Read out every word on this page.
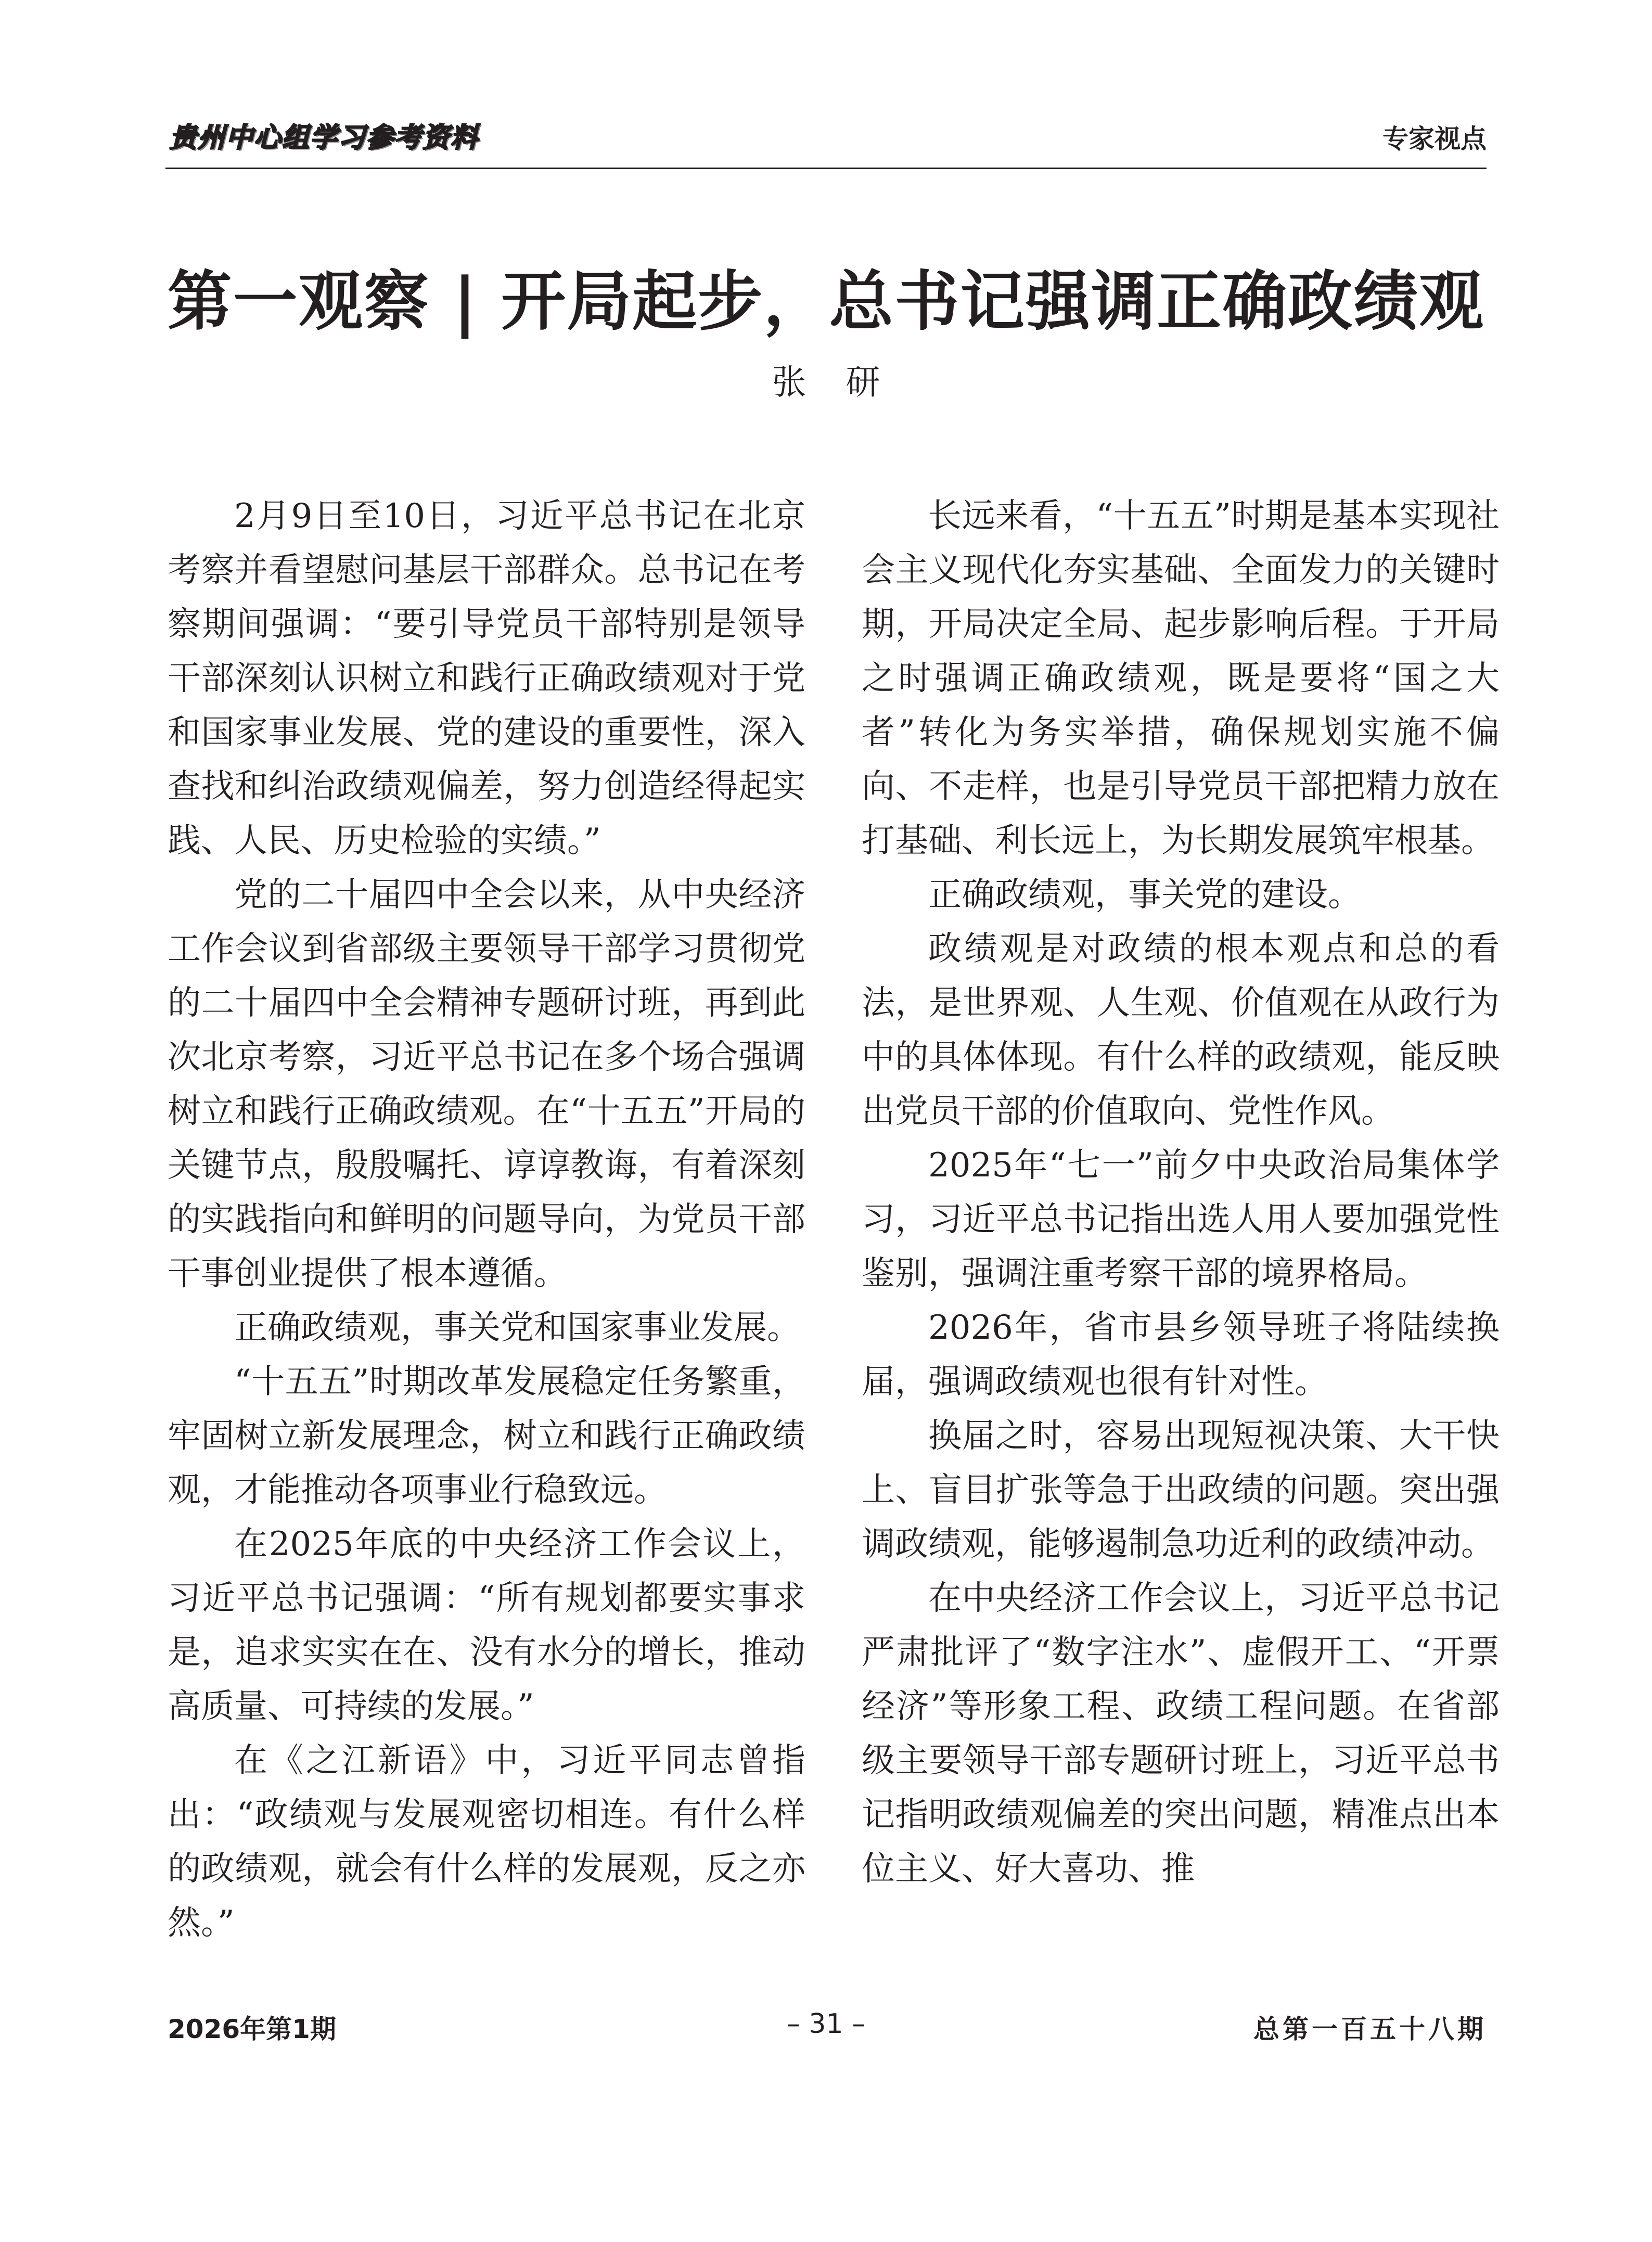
贵州中心组学习参考资料	专家视点
第一观察 | 开局起步，总书记强调正确政绩观
张研

2月9日至10日，习近平总书记在北京考察并看望慰问基层干部群众。总书记在考察期间强调：“要引导党员干部特别是领导干部深刻认识树立和践行正确政绩观对于党和国家事业发展、党的建设的重要性，深入查找和纠治政绩观偏差，努力创造经得起实践、人民、历史检验的实绩。”

党的二十届四中全会以来，从中央经济工作会议到省部级主要领导干部学习贯彻党的二十届四中全会精神专题研讨班，再到此次北京考察，习近平总书记在多个场合强调树立和践行正确政绩观。在“十五五”开局的关键节点，殷殷嘱托、谆谆教诲，有着深刻的实践指向和鲜明的问题导向，为党员干部干事创业提供了根本遵循。

正确政绩观，事关党和国家事业发展。

“十五五”时期改革发展稳定任务繁重，牢固树立新发展理念，树立和践行正确政绩观，才能推动各项事业行稳致远。

在2025年底的中央经济工作会议上，习近平总书记强调：“所有规划都要实事求是，追求实实在在、没有水分的增长，推动高质量、可持续的发展。”

在《之江新语》中，习近平同志曾指出：“政绩观与发展观密切相连。有什么样的政绩观，就会有什么样的发展观，反之亦然。”

长远来看，“十五五”时期是基本实现社会主义现代化夯实基础、全面发力的关键时期，开局决定全局、起步影响后程。于开局之时强调正确政绩观，既是要将“国之大者”转化为务实举措，确保规划实施不偏向、不走样，也是引导党员干部把精力放在打基础、利长远上，为长期发展筑牢根基。

正确政绩观，事关党的建设。

政绩观是对政绩的根本观点和总的看法，是世界观、人生观、价值观在从政行为中的具体体现。有什么样的政绩观，能反映出党员干部的价值取向、党性作风。

2025年“七一”前夕中央政治局集体学习，习近平总书记指出选人用人要加强党性鉴别，强调注重考察干部的境界格局。

2026年，省市县乡领导班子将陆续换届，强调政绩观也很有针对性。

换届之时，容易出现短视决策、大干快上、盲目扩张等急于出政绩的问题。突出强调政绩观，能够遏制急功近利的政绩冲动。

在中央经济工作会议上，习近平总书记严肃批评了“数字注水”、虚假开工、“开票经济”等形象工程、政绩工程问题。在省部级主要领导干部专题研讨班上，习近平总书记指明政绩观偏差的突出问题，精准点出本位主义、好大喜功、推

2026年第1期	– 31 –	总第一百五十八期
